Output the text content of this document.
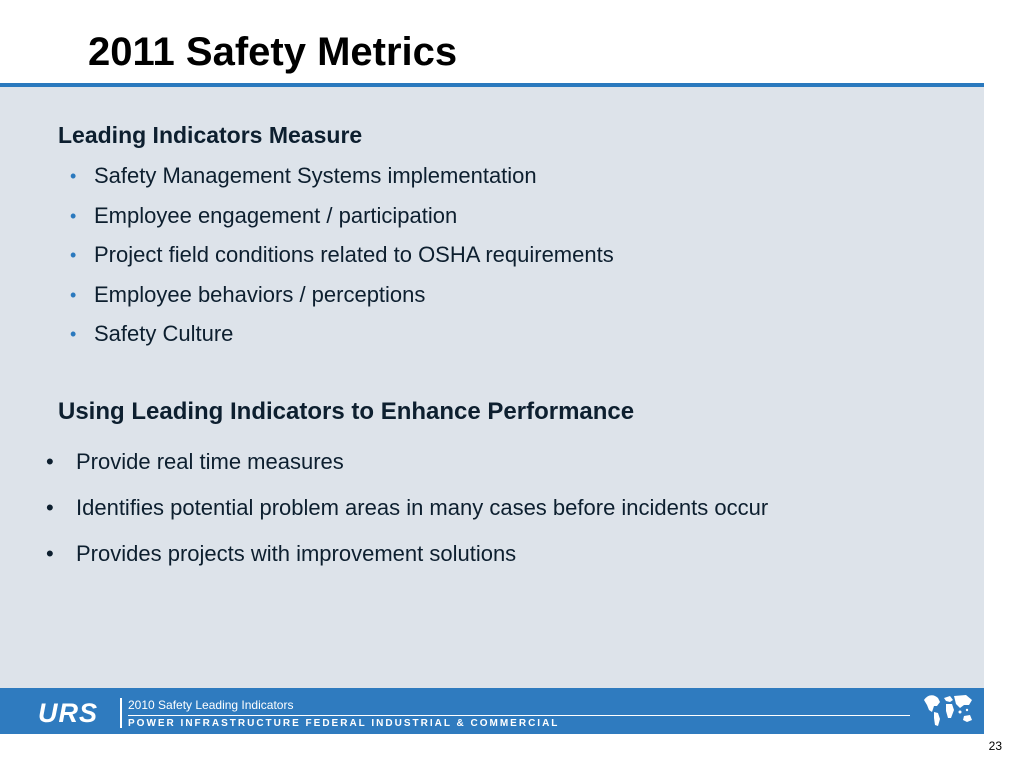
2011 Safety Metrics
Leading Indicators Measure
• Safety Management Systems implementation
• Employee engagement / participation
• Project field conditions related to OSHA requirements
• Employee behaviors / perceptions
• Safety Culture
Using Leading Indicators to Enhance Performance
• Provide real time measures
• Identifies potential problem areas in many cases before incidents occur
• Provides projects with improvement solutions
URS 2010 Safety Leading Indicators
POWER INFRASTRUCTURE FEDERAL INDUSTRIAL & COMMERCIAL
23
